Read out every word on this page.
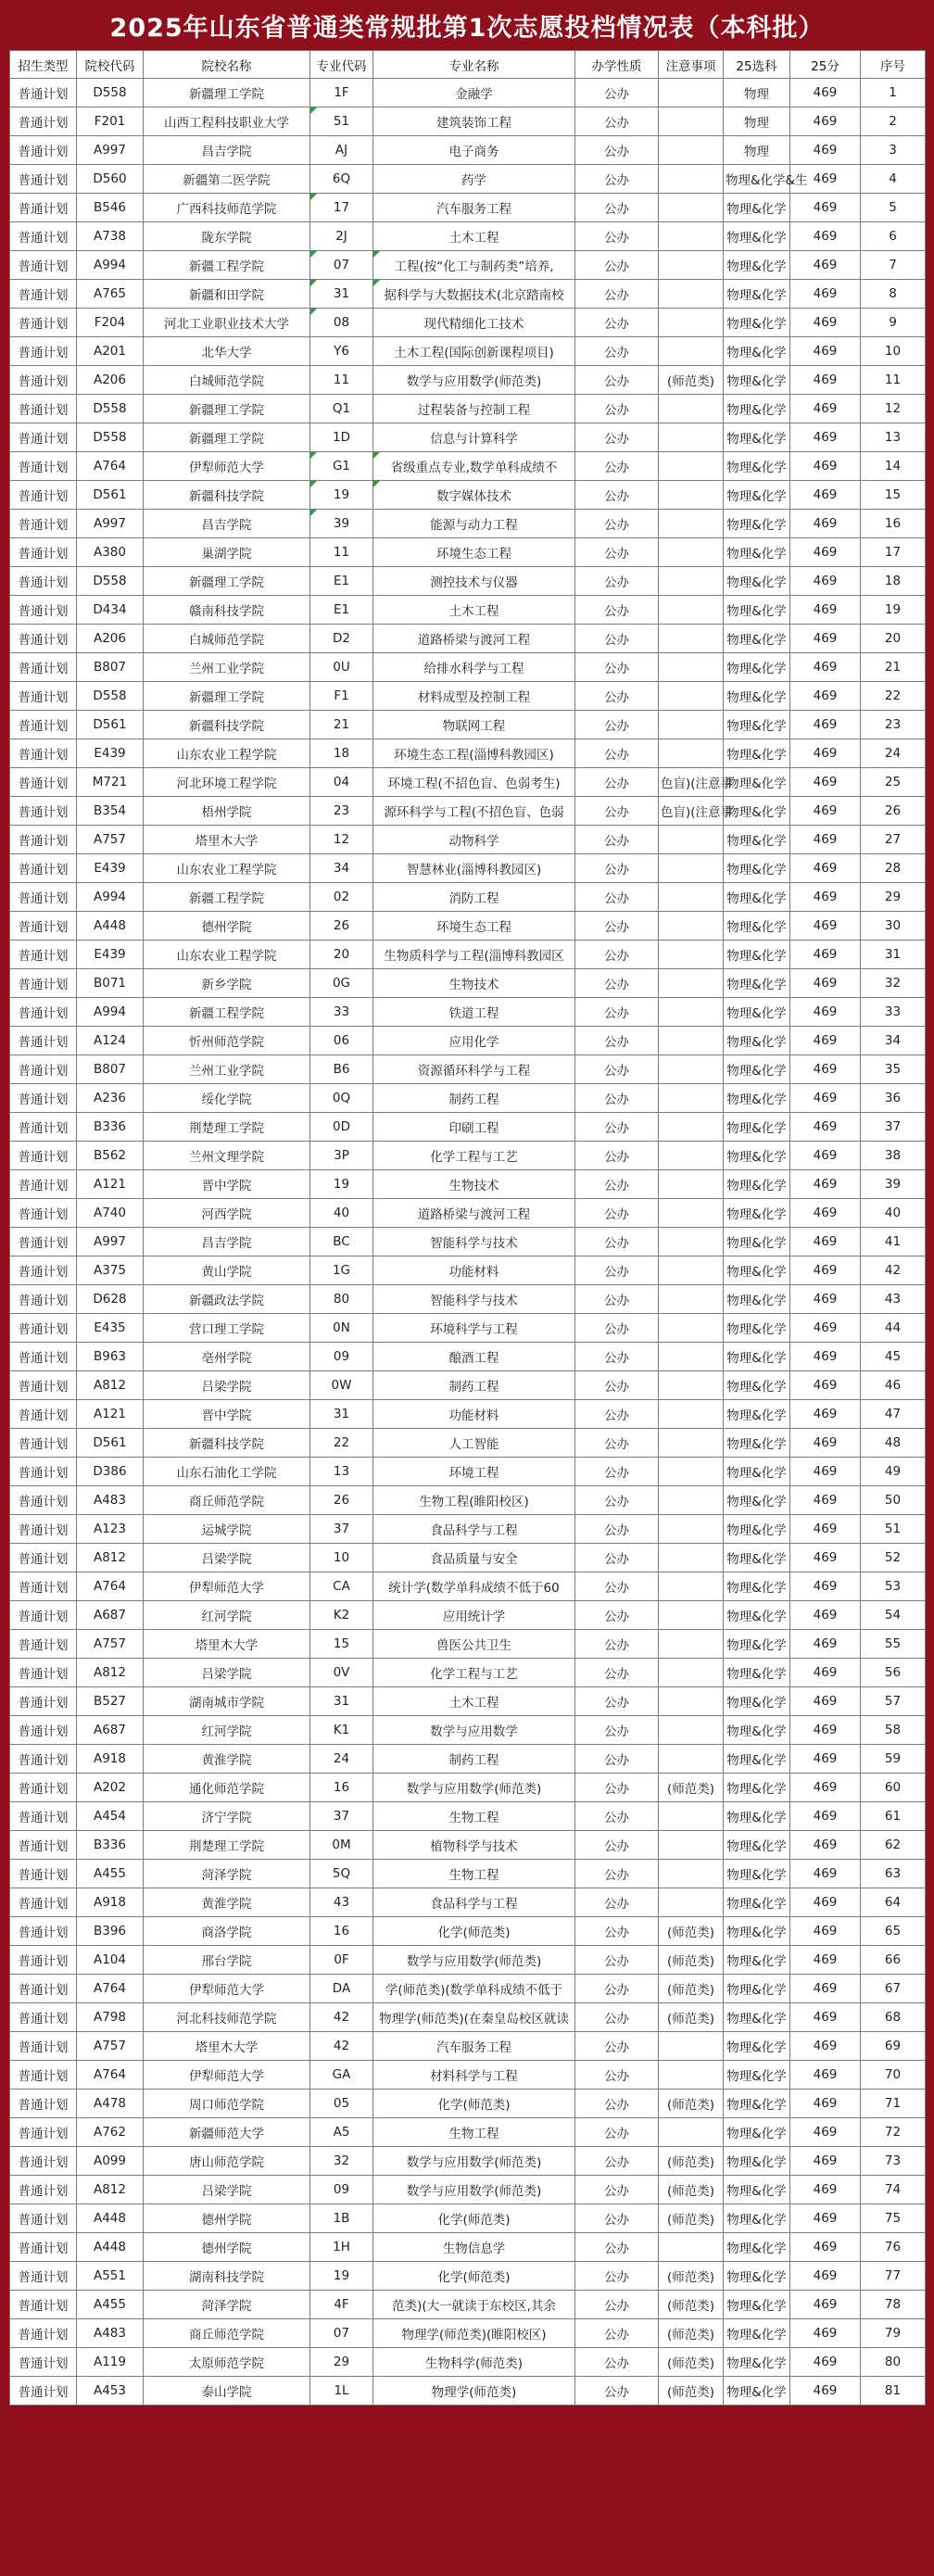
2025年山东省普通类常规批第1次志愿投档情况表（本科批）
招生类型	院校代码	院校名称	专业代码	专业名称	办学性质	注意事项	25选科	25分	序号
普通计划	D558	新疆理工学院	1F	金融学	公办		物理	469	1
普通计划	F201	山西工程科技职业大学	51	建筑装饰工程	公办		物理	469	2
普通计划	A997	昌吉学院	AJ	电子商务	公办		物理	469	3
普通计划	D560	新疆第二医学院	6Q	药学	公办		物理&化学&生	469	4
普通计划	B546	广西科技师范学院	17	汽车服务工程	公办		物理&化学	469	5
普通计划	A738	陇东学院	2J	土木工程	公办		物理&化学	469	6
普通计划	A994	新疆工程学院	07	工程(按“化工与制药类”培养,	公办		物理&化学	469	7
普通计划	A765	新疆和田学院	31	据科学与大数据技术(北京踏南校	公办		物理&化学	469	8
普通计划	F204	河北工业职业技术大学	08	现代精细化工技术	公办		物理&化学	469	9
普通计划	A201	北华大学	Y6	土木工程(国际创新课程项目)	公办		物理&化学	469	10
普通计划	A206	白城师范学院	11	数学与应用数学(师范类)	公办	(师范类)	物理&化学	469	11
普通计划	D558	新疆理工学院	Q1	过程装备与控制工程	公办		物理&化学	469	12
普通计划	D558	新疆理工学院	1D	信息与计算科学	公办		物理&化学	469	13
普通计划	A764	伊犁师范大学	G1	省级重点专业,数学单科成绩不	公办		物理&化学	469	14
普通计划	D561	新疆科技学院	19	数字媒体技术	公办		物理&化学	469	15
普通计划	A997	昌吉学院	39	能源与动力工程	公办		物理&化学	469	16
普通计划	A380	巢湖学院	11	环境生态工程	公办		物理&化学	469	17
普通计划	D558	新疆理工学院	E1	测控技术与仪器	公办		物理&化学	469	18
普通计划	D434	赣南科技学院	E1	土木工程	公办		物理&化学	469	19
普通计划	A206	白城师范学院	D2	道路桥梁与渡河工程	公办		物理&化学	469	20
普通计划	B807	兰州工业学院	0U	给排水科学与工程	公办		物理&化学	469	21
普通计划	D558	新疆理工学院	F1	材料成型及控制工程	公办		物理&化学	469	22
普通计划	D561	新疆科技学院	21	物联网工程	公办		物理&化学	469	23
普通计划	E439	山东农业工程学院	18	环境生态工程(淄博科教园区)	公办		物理&化学	469	24
普通计划	M721	河北环境工程学院	04	环境工程(不招色盲、色弱考生)	公办	色盲)(注意事	物理&化学	469	25
普通计划	B354	梧州学院	23	源环科学与工程(不招色盲、色弱	公办	色盲)(注意事	物理&化学	469	26
普通计划	A757	塔里木大学	12	动物科学	公办		物理&化学	469	27
普通计划	E439	山东农业工程学院	34	智慧林业(淄博科教园区)	公办		物理&化学	469	28
普通计划	A994	新疆工程学院	02	消防工程	公办		物理&化学	469	29
普通计划	A448	德州学院	26	环境生态工程	公办		物理&化学	469	30
普通计划	E439	山东农业工程学院	20	生物质科学与工程(淄博科教园区	公办		物理&化学	469	31
普通计划	B071	新乡学院	0G	生物技术	公办		物理&化学	469	32
普通计划	A994	新疆工程学院	33	铁道工程	公办		物理&化学	469	33
普通计划	A124	忻州师范学院	06	应用化学	公办		物理&化学	469	34
普通计划	B807	兰州工业学院	B6	资源循环科学与工程	公办		物理&化学	469	35
普通计划	A236	绥化学院	0Q	制药工程	公办		物理&化学	469	36
普通计划	B336	荆楚理工学院	0D	印刷工程	公办		物理&化学	469	37
普通计划	B562	兰州文理学院	3P	化学工程与工艺	公办		物理&化学	469	38
普通计划	A121	晋中学院	19	生物技术	公办		物理&化学	469	39
普通计划	A740	河西学院	40	道路桥梁与渡河工程	公办		物理&化学	469	40
普通计划	A997	昌吉学院	BC	智能科学与技术	公办		物理&化学	469	41
普通计划	A375	黄山学院	1G	功能材料	公办		物理&化学	469	42
普通计划	D628	新疆政法学院	80	智能科学与技术	公办		物理&化学	469	43
普通计划	E435	营口理工学院	0N	环境科学与工程	公办		物理&化学	469	44
普通计划	B963	亳州学院	09	酿酒工程	公办		物理&化学	469	45
普通计划	A812	吕梁学院	0W	制药工程	公办		物理&化学	469	46
普通计划	A121	晋中学院	31	功能材料	公办		物理&化学	469	47
普通计划	D561	新疆科技学院	22	人工智能	公办		物理&化学	469	48
普通计划	D386	山东石油化工学院	13	环境工程	公办		物理&化学	469	49
普通计划	A483	商丘师范学院	26	生物工程(睢阳校区)	公办		物理&化学	469	50
普通计划	A123	运城学院	37	食品科学与工程	公办		物理&化学	469	51
普通计划	A812	吕梁学院	10	食品质量与安全	公办		物理&化学	469	52
普通计划	A764	伊犁师范大学	CA	统计学(数学单科成绩不低于60	公办		物理&化学	469	53
普通计划	A687	红河学院	K2	应用统计学	公办		物理&化学	469	54
普通计划	A757	塔里木大学	15	兽医公共卫生	公办		物理&化学	469	55
普通计划	A812	吕梁学院	0V	化学工程与工艺	公办		物理&化学	469	56
普通计划	B527	湖南城市学院	31	土木工程	公办		物理&化学	469	57
普通计划	A687	红河学院	K1	数学与应用数学	公办		物理&化学	469	58
普通计划	A918	黄淮学院	24	制药工程	公办		物理&化学	469	59
普通计划	A202	通化师范学院	16	数学与应用数学(师范类)	公办	(师范类)	物理&化学	469	60
普通计划	A454	济宁学院	37	生物工程	公办		物理&化学	469	61
普通计划	B336	荆楚理工学院	0M	植物科学与技术	公办		物理&化学	469	62
普通计划	A455	菏泽学院	5Q	生物工程	公办		物理&化学	469	63
普通计划	A918	黄淮学院	43	食品科学与工程	公办		物理&化学	469	64
普通计划	B396	商洛学院	16	化学(师范类)	公办	(师范类)	物理&化学	469	65
普通计划	A104	邢台学院	0F	数学与应用数学(师范类)	公办	(师范类)	物理&化学	469	66
普通计划	A764	伊犁师范大学	DA	学(师范类)(数学单科成绩不低于	公办	(师范类)	物理&化学	469	67
普通计划	A798	河北科技师范学院	42	物理学(师范类)(在秦皇岛校区就读	公办	(师范类)	物理&化学	469	68
普通计划	A757	塔里木大学	42	汽车服务工程	公办		物理&化学	469	69
普通计划	A764	伊犁师范大学	GA	材料科学与工程	公办		物理&化学	469	70
普通计划	A478	周口师范学院	05	化学(师范类)	公办	(师范类)	物理&化学	469	71
普通计划	A762	新疆师范大学	A5	生物工程	公办		物理&化学	469	72
普通计划	A099	唐山师范学院	32	数学与应用数学(师范类)	公办	(师范类)	物理&化学	469	73
普通计划	A812	吕梁学院	09	数学与应用数学(师范类)	公办	(师范类)	物理&化学	469	74
普通计划	A448	德州学院	1B	化学(师范类)	公办	(师范类)	物理&化学	469	75
普通计划	A448	德州学院	1H	生物信息学	公办		物理&化学	469	76
普通计划	A551	湖南科技学院	19	化学(师范类)	公办	(师范类)	物理&化学	469	77
普通计划	A455	菏泽学院	4F	范类)(大一就读于东校区,其余	公办	(师范类)	物理&化学	469	78
普通计划	A483	商丘师范学院	07	物理学(师范类)(睢阳校区)	公办	(师范类)	物理&化学	469	79
普通计划	A119	太原师范学院	29	生物科学(师范类)	公办	(师范类)	物理&化学	469	80
普通计划	A453	泰山学院	1L	物理学(师范类)	公办	(师范类)	物理&化学	469	81
